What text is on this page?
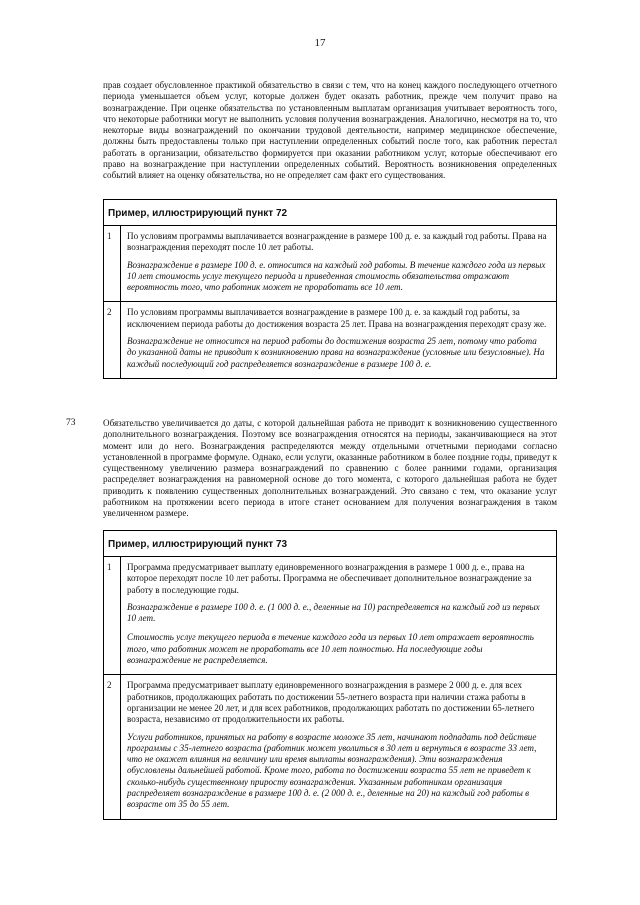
17
прав создает обусловленное практикой обязательство в связи с тем, что на конец каждого последующего отчетного периода уменьшается объем услуг, которые должен будет оказать работник, прежде чем получит право на вознаграждение. При оценке обязательства по установленным выплатам организация учитывает вероятность того, что некоторые работники могут не выполнить условия получения вознаграждения. Аналогично, несмотря на то, что некоторые виды вознаграждений по окончании трудовой деятельности, например медицинское обеспечение, должны быть предоставлены только при наступлении определенных событий после того, как работник перестал работать в организации, обязательство формируется при оказании работником услуг, которые обеспечивают его право на вознаграждение при наступлении определенных событий. Вероятность возникновения определенных событий влияет на оценку обязательства, но не определяет сам факт его существования.
Пример, иллюстрирующий пункт 72
1 По условиям программы выплачивается вознаграждение в размере 100 д. е. за каждый год работы. Права на вознаграждения переходят после 10 лет работы.
Вознаграждение в размере 100 д. е. относится на каждый год работы. В течение каждого года из первых 10 лет стоимость услуг текущего периода и приведенная стоимость обязательства отражают вероятность того, что работник может не проработать все 10 лет.
2 По условиям программы выплачивается вознаграждение в размере 100 д. е. за каждый год работы, за исключением периода работы до достижения возраста 25 лет. Права на вознаграждения переходят сразу же.
Вознаграждение не относится на период работы до достижения возраста 25 лет, потому что работа до указанной даты не приводит к возникновению права на вознаграждение (условные или безусловные). На каждый последующий год распределяется вознаграждение в размере 100 д. е.
73	Обязательство увеличивается до даты, с которой дальнейшая работа не приводит к возникновению существенного дополнительного вознаграждения. Поэтому все вознаграждения относятся на периоды, заканчивающиеся на этот момент или до него. Вознаграждения распределяются между отдельными отчетными периодами согласно установленной в программе формуле. Однако, если услуги, оказанные работником в более поздние годы, приведут к существенному увеличению размера вознаграждений по сравнению с более ранними годами, организация распределяет вознаграждения на равномерной основе до того момента, с которого дальнейшая работа не будет приводить к появлению существенных дополнительных вознаграждений. Это связано с тем, что оказание услуг работником на протяжении всего периода в итоге станет основанием для получения вознаграждения в таком увеличенном размере.
Пример, иллюстрирующий пункт 73
1 Программа предусматривает выплату единовременного вознаграждения в размере 1 000 д. е., права на которое переходят после 10 лет работы. Программа не обеспечивает дополнительное вознаграждение за работу в последующие годы.
Вознаграждение в размере 100 д. е. (1 000 д. е., деленные на 10) распределяется на каждый год из первых 10 лет.
Стоимость услуг текущего периода в течение каждого года из первых 10 лет отражает вероятность того, что работник может не проработать все 10 лет полностью. На последующие годы вознаграждение не распределяется.
2 Программа предусматривает выплату единовременного вознаграждения в размере 2 000 д. е. для всех работников, продолжающих работать по достижении 55-летнего возраста при наличии стажа работы в организации не менее 20 лет, и для всех работников, продолжающих работать по достижении 65-летнего возраста, независимо от продолжительности их работы.
Услуги работников, принятых на работу в возрасте моложе 35 лет, начинают подпадать под действие программы с 35-летнего возраста (работник может уволиться в 30 лет и вернуться в возрасте 33 лет, что не окажет влияния на величину или время выплаты вознаграждения). Эти вознаграждения обусловлены дальнейшей работой. Кроме того, работа по достижении возраста 55 лет не приведет к сколько-нибудь существенному приросту вознаграждения. Указанным работникам организация распределяет вознаграждение в размере 100 д. е. (2 000 д. е., деленные на 20) на каждый год работы в возрасте от 35 до 55 лет.
